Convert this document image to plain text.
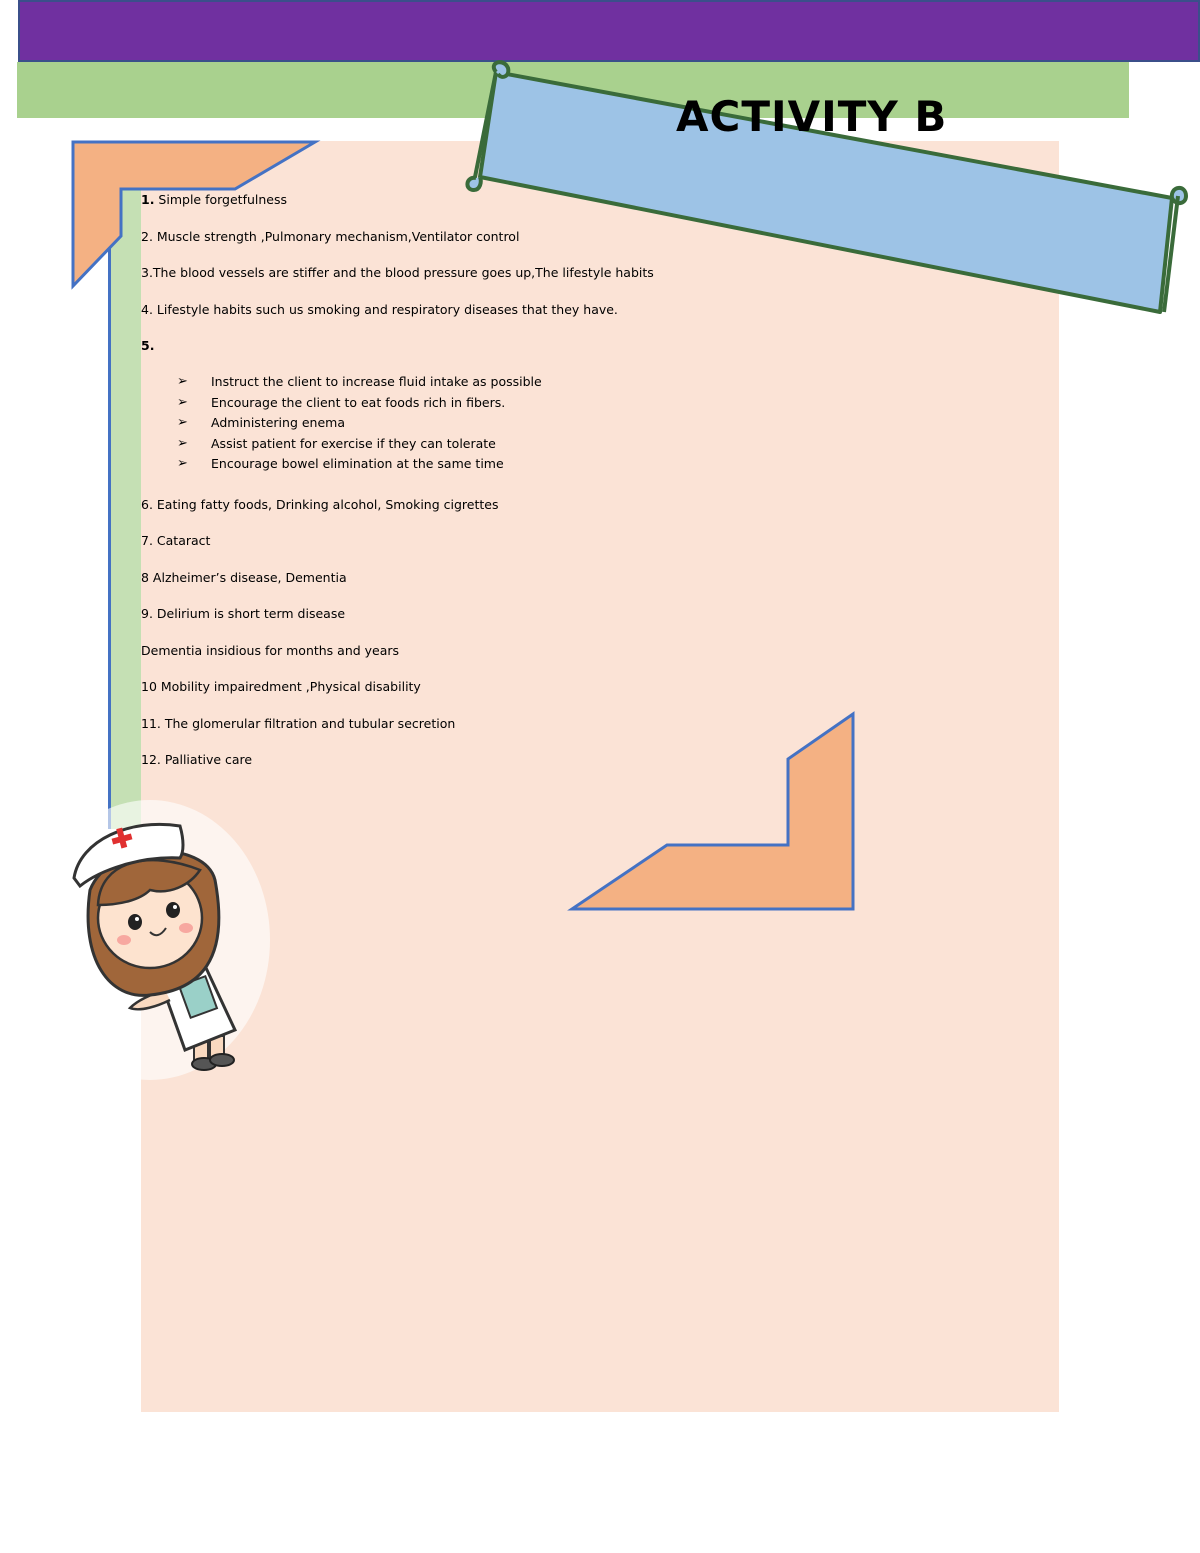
ACTIVITY B

1. Simple forgetfulness

2. Muscle strength ,Pulmonary mechanism,Ventilator control

3.The blood vessels are stiffer and the blood pressure goes up,The lifestyle habits

4. Lifestyle habits such us smoking and respiratory diseases that they have.

5.

➢ Instruct the client to increase fluid intake as possible
➢ Encourage the client to eat foods rich in fibers.
➢ Administering enema
➢ Assist patient for exercise if they can tolerate
➢ Encourage bowel elimination at the same time

6. Eating fatty foods, Drinking alcohol, Smoking cigrettes

7. Cataract

8 Alzheimer’s disease, Dementia

9. Delirium is short term disease

Dementia insidious for months and years

10 Mobility impairedment ,Physical disability

11. The glomerular filtration and tubular secretion

12. Palliative care
